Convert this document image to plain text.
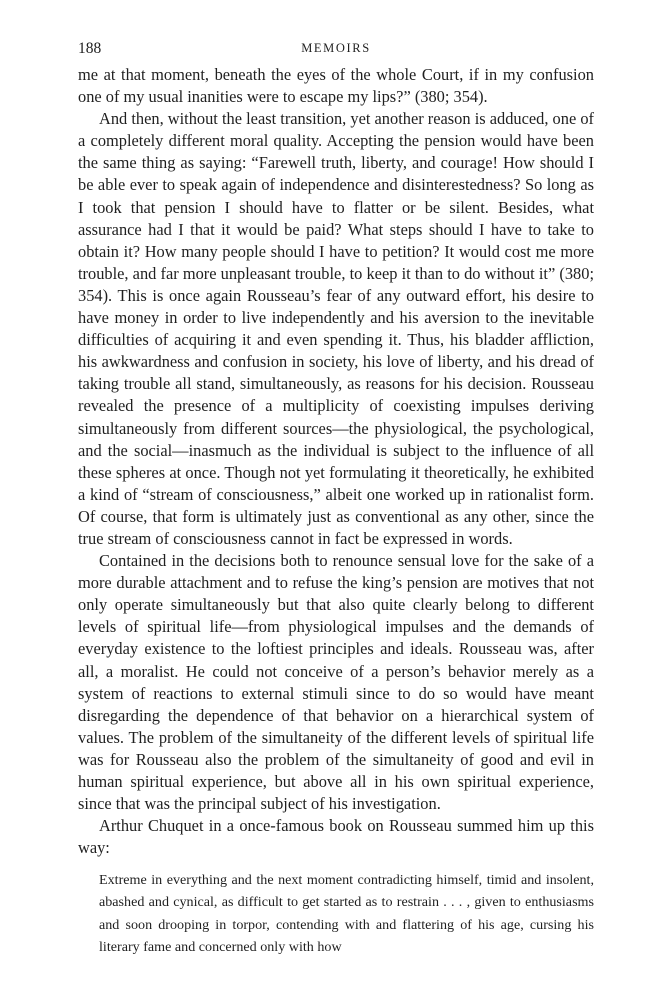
188	MEMOIRS

me at that moment, beneath the eyes of the whole Court, if in my confusion one of my usual inanities were to escape my lips?” (380; 354).

And then, without the least transition, yet another reason is adduced, one of a completely different moral quality. Accepting the pension would have been the same thing as saying: “Farewell truth, liberty, and courage! How should I be able ever to speak again of independence and disinterestedness? So long as I took that pension I should have to flatter or be silent. Besides, what assurance had I that it would be paid? What steps should I have to take to obtain it? How many people should I have to petition? It would cost me more trouble, and far more unpleasant trouble, to keep it than to do without it” (380; 354). This is once again Rousseau’s fear of any outward effort, his desire to have money in order to live independently and his aversion to the inevitable difficulties of acquiring it and even spending it. Thus, his bladder affliction, his awkwardness and confusion in society, his love of liberty, and his dread of taking trouble all stand, simultaneously, as reasons for his decision. Rousseau revealed the presence of a multiplicity of coexisting impulses deriving simultaneously from different sources—the physiological, the psychological, and the social—inasmuch as the individual is subject to the influence of all these spheres at once. Though not yet formulating it theoretically, he exhibited a kind of “stream of consciousness,” albeit one worked up in rationalist form. Of course, that form is ultimately just as conventional as any other, since the true stream of consciousness cannot in fact be expressed in words.

Contained in the decisions both to renounce sensual love for the sake of a more durable attachment and to refuse the king’s pension are motives that not only operate simultaneously but that also quite clearly belong to different levels of spiritual life—from physiological impulses and the demands of everyday existence to the loftiest principles and ideals. Rousseau was, after all, a moralist. He could not conceive of a person’s behavior merely as a system of reactions to external stimuli since to do so would have meant disregarding the dependence of that behavior on a hierarchical system of values. The problem of the simultaneity of the different levels of spiritual life was for Rousseau also the problem of the simultaneity of good and evil in human spiritual experience, but above all in his own spiritual experience, since that was the principal subject of his investigation.

Arthur Chuquet in a once-famous book on Rousseau summed him up this way:

Extreme in everything and the next moment contradicting himself, timid and insolent, abashed and cynical, as difficult to get started as to restrain . . . , given to enthusiasms and soon drooping in torpor, contending with and flattering of his age, cursing his literary fame and concerned only with how
